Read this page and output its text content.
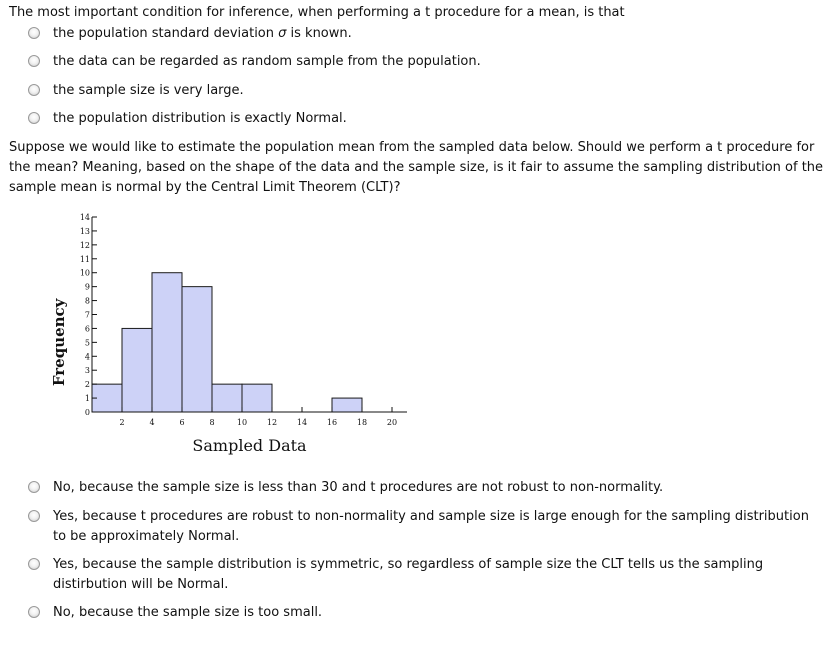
The most important condition for inference, when performing a t procedure for a mean, is that
the population standard deviation σ is known.
the data can be regarded as random sample from the population.
the sample size is very large.
the population distribution is exactly Normal.
Suppose we would like to estimate the population mean from the sampled data below. Should we perform a t procedure for the mean? Meaning, based on the shape of the data and the sample size, is it fair to assume the sampling distribution of the sample mean is normal by the Central Limit Theorem (CLT)?
0
1
2
3
4
5
6
7
8
9
10
11
12
13
14
2	4	6	8	10 12 14 16 18 20
Sampled Data
Frequency
No, because the sample size is less than 30 and t procedures are not robust to non-normality.
Yes, because t procedures are robust to non-normality and sample size is large enough for the sampling distribution to be approximately Normal.
Yes, because the sample distribution is symmetric, so regardless of sample size the CLT tells us the sampling distirbution will be Normal.
No, because the sample size is too small.
